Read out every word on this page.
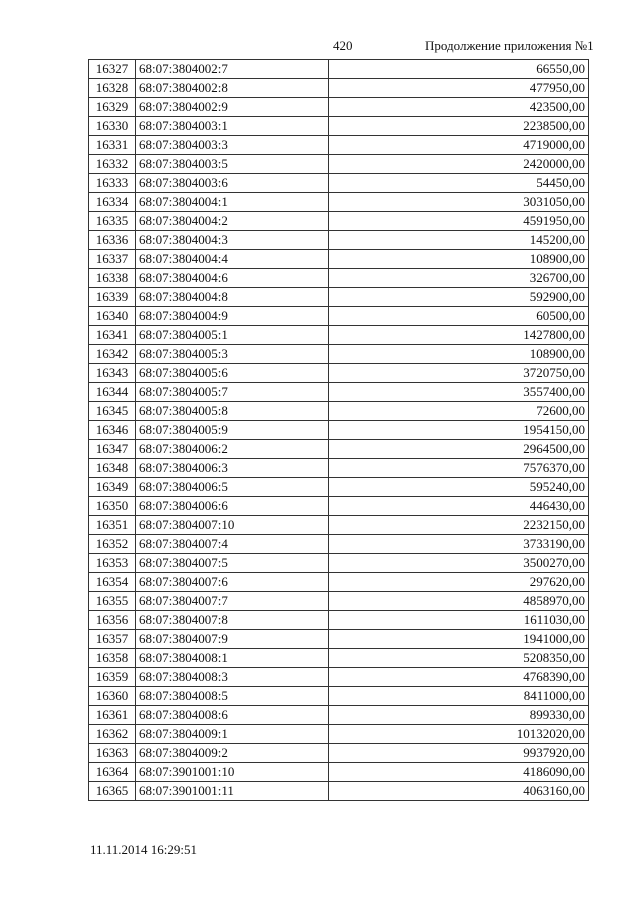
420	Продолжение приложения №1
16327	68:07:3804002:7	66550,00
16328	68:07:3804002:8	477950,00
16329	68:07:3804002:9	423500,00
16330	68:07:3804003:1	2238500,00
16331	68:07:3804003:3	4719000,00
16332	68:07:3804003:5	2420000,00
16333	68:07:3804003:6	54450,00
16334	68:07:3804004:1	3031050,00
16335	68:07:3804004:2	4591950,00
16336	68:07:3804004:3	145200,00
16337	68:07:3804004:4	108900,00
16338	68:07:3804004:6	326700,00
16339	68:07:3804004:8	592900,00
16340	68:07:3804004:9	60500,00
16341	68:07:3804005:1	1427800,00
16342	68:07:3804005:3	108900,00
16343	68:07:3804005:6	3720750,00
16344	68:07:3804005:7	3557400,00
16345	68:07:3804005:8	72600,00
16346	68:07:3804005:9	1954150,00
16347	68:07:3804006:2	2964500,00
16348	68:07:3804006:3	7576370,00
16349	68:07:3804006:5	595240,00
16350	68:07:3804006:6	446430,00
16351	68:07:3804007:10	2232150,00
16352	68:07:3804007:4	3733190,00
16353	68:07:3804007:5	3500270,00
16354	68:07:3804007:6	297620,00
16355	68:07:3804007:7	4858970,00
16356	68:07:3804007:8	1611030,00
16357	68:07:3804007:9	1941000,00
16358	68:07:3804008:1	5208350,00
16359	68:07:3804008:3	4768390,00
16360	68:07:3804008:5	8411000,00
16361	68:07:3804008:6	899330,00
16362	68:07:3804009:1	10132020,00
16363	68:07:3804009:2	9937920,00
16364	68:07:3901001:10	4186090,00
16365	68:07:3901001:11	4063160,00
11.11.2014 16:29:51
